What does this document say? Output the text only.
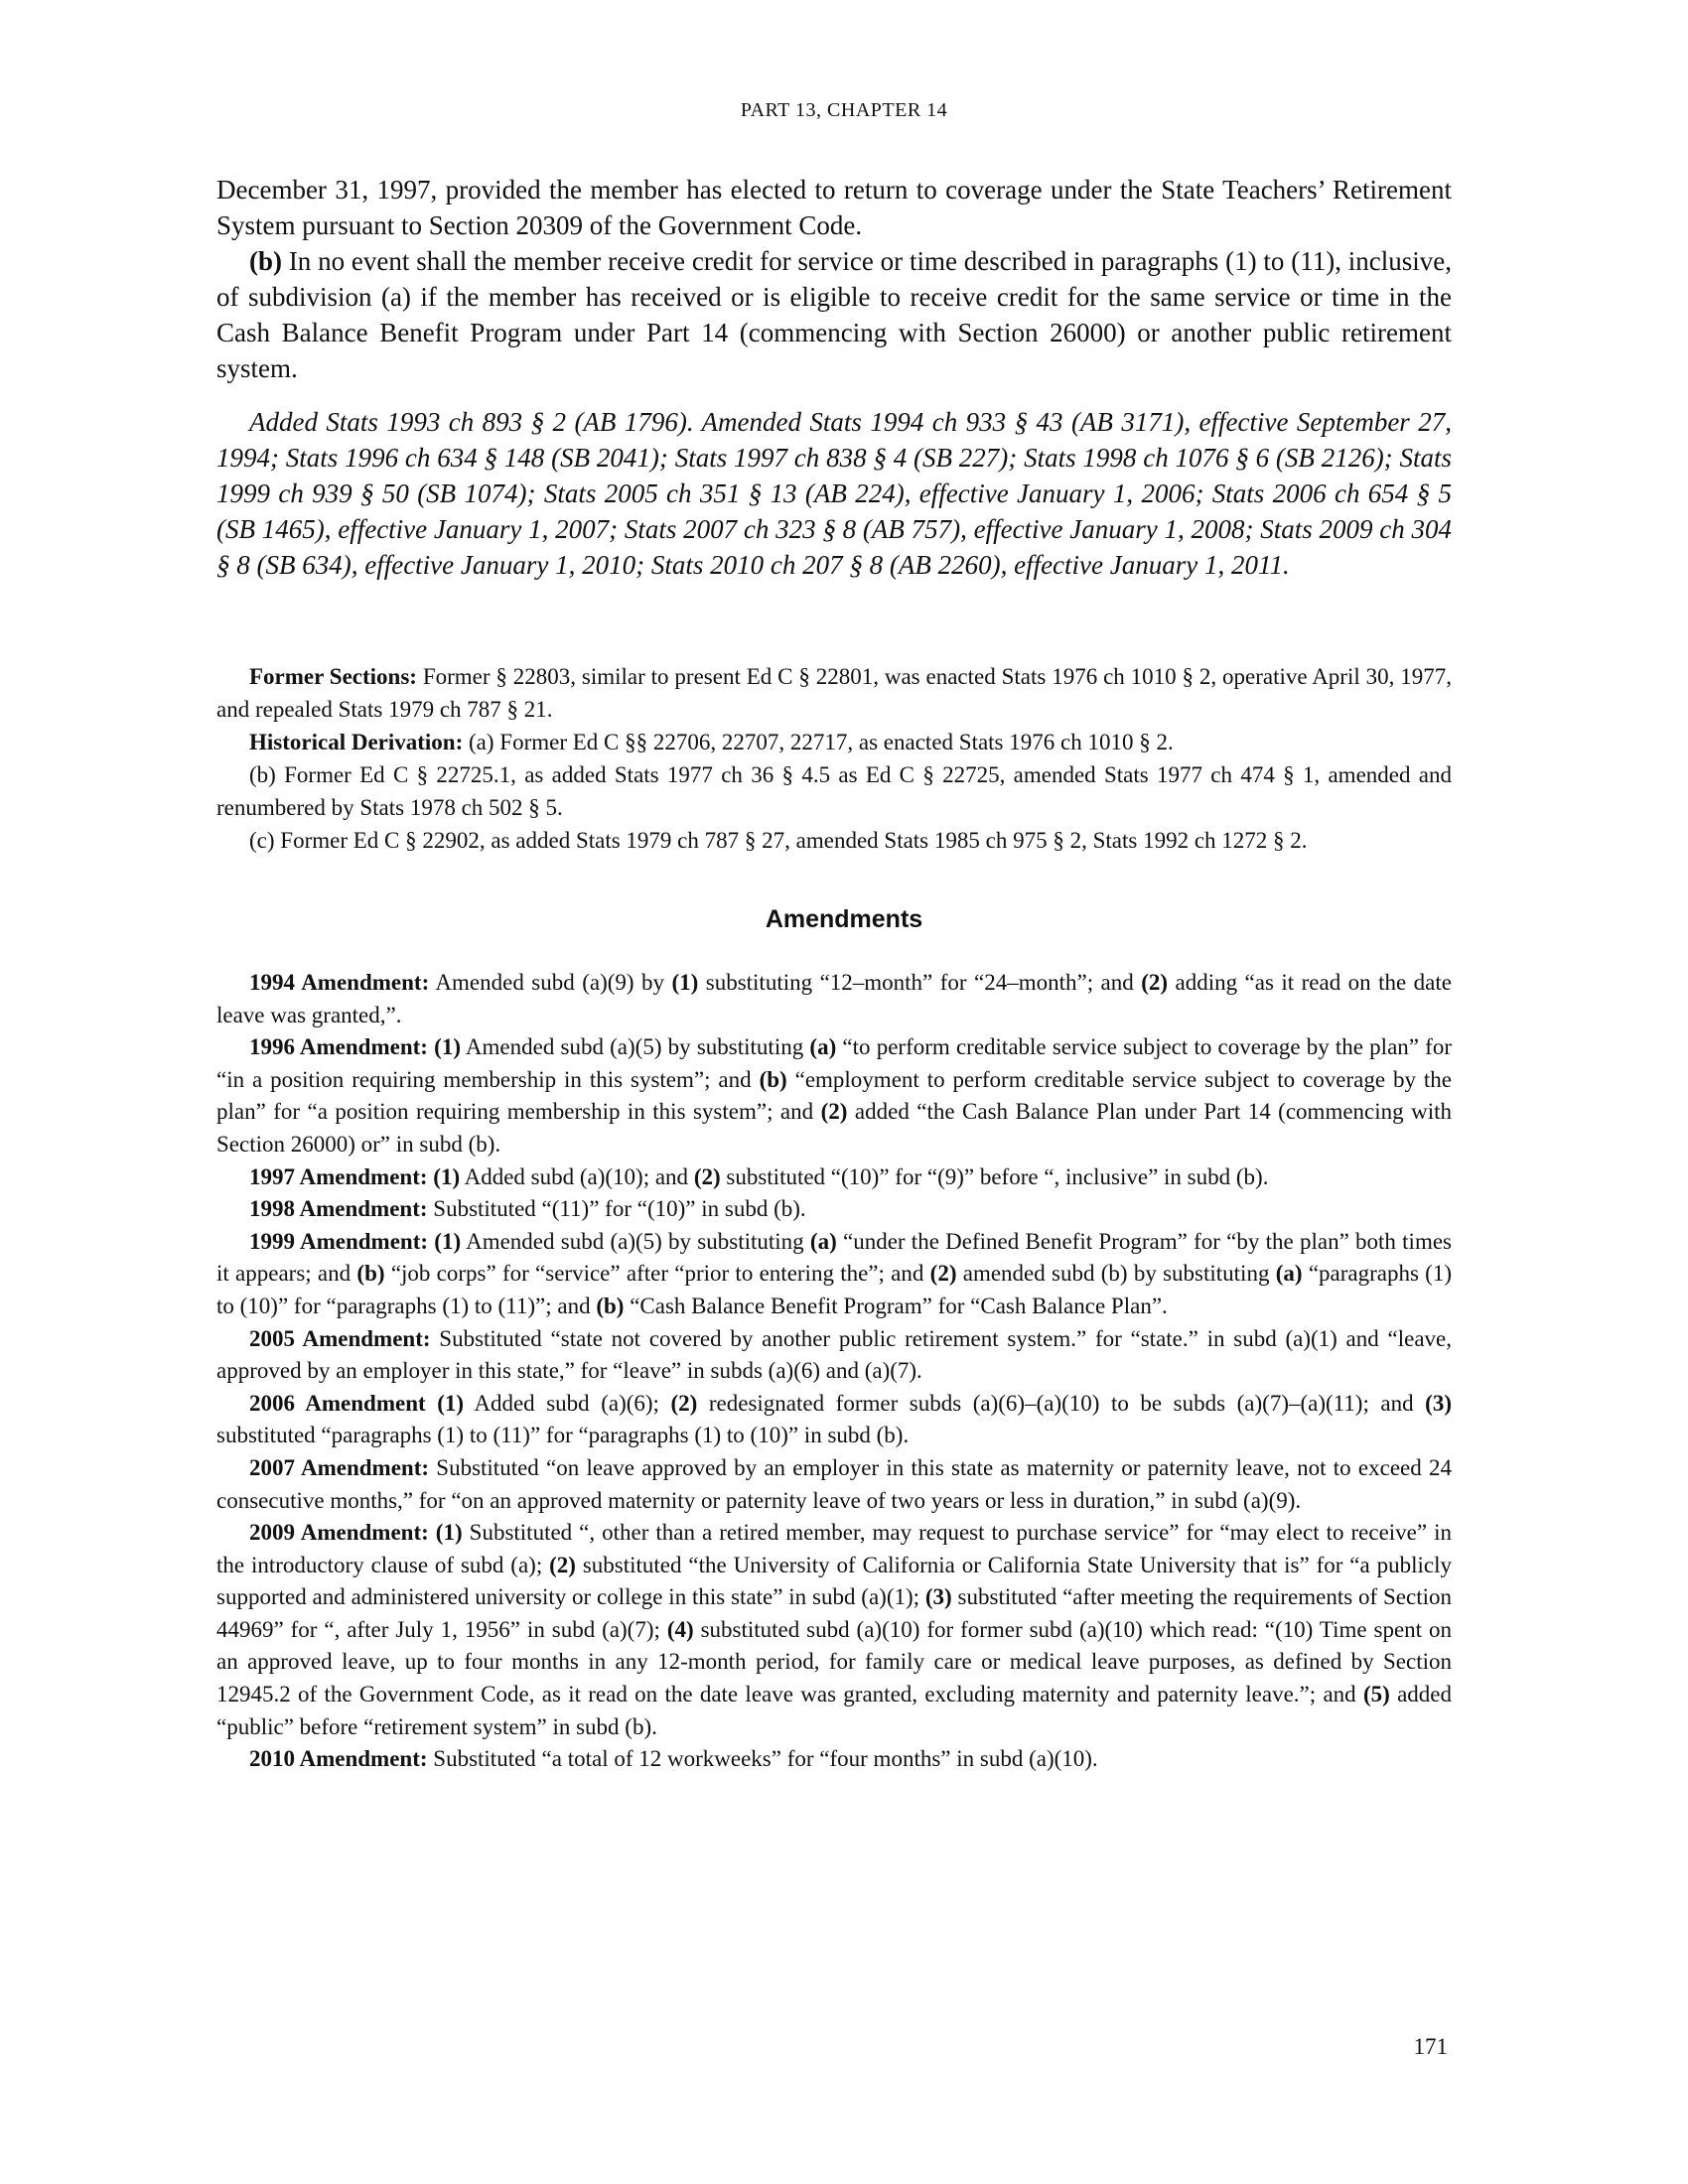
PART 13, CHAPTER 14

December 31, 1997, provided the member has elected to return to coverage under the State Teachers’ Retirement System pursuant to Section 20309 of the Government Code.

(b) In no event shall the member receive credit for service or time described in paragraphs (1) to (11), inclusive, of subdivision (a) if the member has received or is eligible to receive credit for the same service or time in the Cash Balance Benefit Program under Part 14 (commencing with Section 26000) or another public retirement system.

Added Stats 1993 ch 893 § 2 (AB 1796). Amended Stats 1994 ch 933 § 43 (AB 3171), effective September 27, 1994; Stats 1996 ch 634 § 148 (SB 2041); Stats 1997 ch 838 § 4 (SB 227); Stats 1998 ch 1076 § 6 (SB 2126); Stats 1999 ch 939 § 50 (SB 1074); Stats 2005 ch 351 § 13 (AB 224), effective January 1, 2006; Stats 2006 ch 654 § 5 (SB 1465), effective January 1, 2007; Stats 2007 ch 323 § 8 (AB 757), effective January 1, 2008; Stats 2009 ch 304 § 8 (SB 634), effective January 1, 2010; Stats 2010 ch 207 § 8 (AB 2260), effective January 1, 2011.

Former Sections: Former § 22803, similar to present Ed C § 22801, was enacted Stats 1976 ch 1010 § 2, operative April 30, 1977, and repealed Stats 1979 ch 787 § 21.

Historical Derivation: (a) Former Ed C §§ 22706, 22707, 22717, as enacted Stats 1976 ch 1010 § 2.

(b) Former Ed C § 22725.1, as added Stats 1977 ch 36 § 4.5 as Ed C § 22725, amended Stats 1977 ch 474 § 1, amended and renumbered by Stats 1978 ch 502 § 5.

(c) Former Ed C § 22902, as added Stats 1979 ch 787 § 27, amended Stats 1985 ch 975 § 2, Stats 1992 ch 1272 § 2.

Amendments

1994 Amendment: Amended subd (a)(9) by (1) substituting “12–month” for “24–month”; and (2) adding “as it read on the date leave was granted,”.

1996 Amendment: (1) Amended subd (a)(5) by substituting (a) “to perform creditable service subject to coverage by the plan” for “in a position requiring membership in this system”; and (b) “employment to perform creditable service subject to coverage by the plan” for “a position requiring membership in this system”; and (2) added “the Cash Balance Plan under Part 14 (commencing with Section 26000) or” in subd (b).

1997 Amendment: (1) Added subd (a)(10); and (2) substituted “(10)” for “(9)” before “, inclusive” in subd (b).

1998 Amendment: Substituted “(11)” for “(10)” in subd (b).

1999 Amendment: (1) Amended subd (a)(5) by substituting (a) “under the Defined Benefit Program” for “by the plan” both times it appears; and (b) “job corps” for “service” after “prior to entering the”; and (2) amended subd (b) by substituting (a) “paragraphs (1) to (10)” for “paragraphs (1) to (11)”; and (b) “Cash Balance Benefit Program” for “Cash Balance Plan”.

2005 Amendment: Substituted “state not covered by another public retirement system.” for “state.” in subd (a)(1) and “leave, approved by an employer in this state,” for “leave” in subds (a)(6) and (a)(7).

2006 Amendment (1) Added subd (a)(6); (2) redesignated former subds (a)(6)–(a)(10) to be subds (a)(7)–(a)(11); and (3) substituted “paragraphs (1) to (11)” for “paragraphs (1) to (10)” in subd (b).

2007 Amendment: Substituted “on leave approved by an employer in this state as maternity or paternity leave, not to exceed 24 consecutive months,” for “on an approved maternity or paternity leave of two years or less in duration,” in subd (a)(9).

2009 Amendment: (1) Substituted “, other than a retired member, may request to purchase service” for “may elect to receive” in the introductory clause of subd (a); (2) substituted “the University of California or California State University that is” for “a publicly supported and administered university or college in this state” in subd (a)(1); (3) substituted “after meeting the requirements of Section 44969” for “, after July 1, 1956” in subd (a)(7); (4) substituted subd (a)(10) for former subd (a)(10) which read: “(10) Time spent on an approved leave, up to four months in any 12-month period, for family care or medical leave purposes, as defined by Section 12945.2 of the Government Code, as it read on the date leave was granted, excluding maternity and paternity leave.”; and (5) added “public” before “retirement system” in subd (b).

2010 Amendment: Substituted “a total of 12 workweeks” for “four months” in subd (a)(10).

171
